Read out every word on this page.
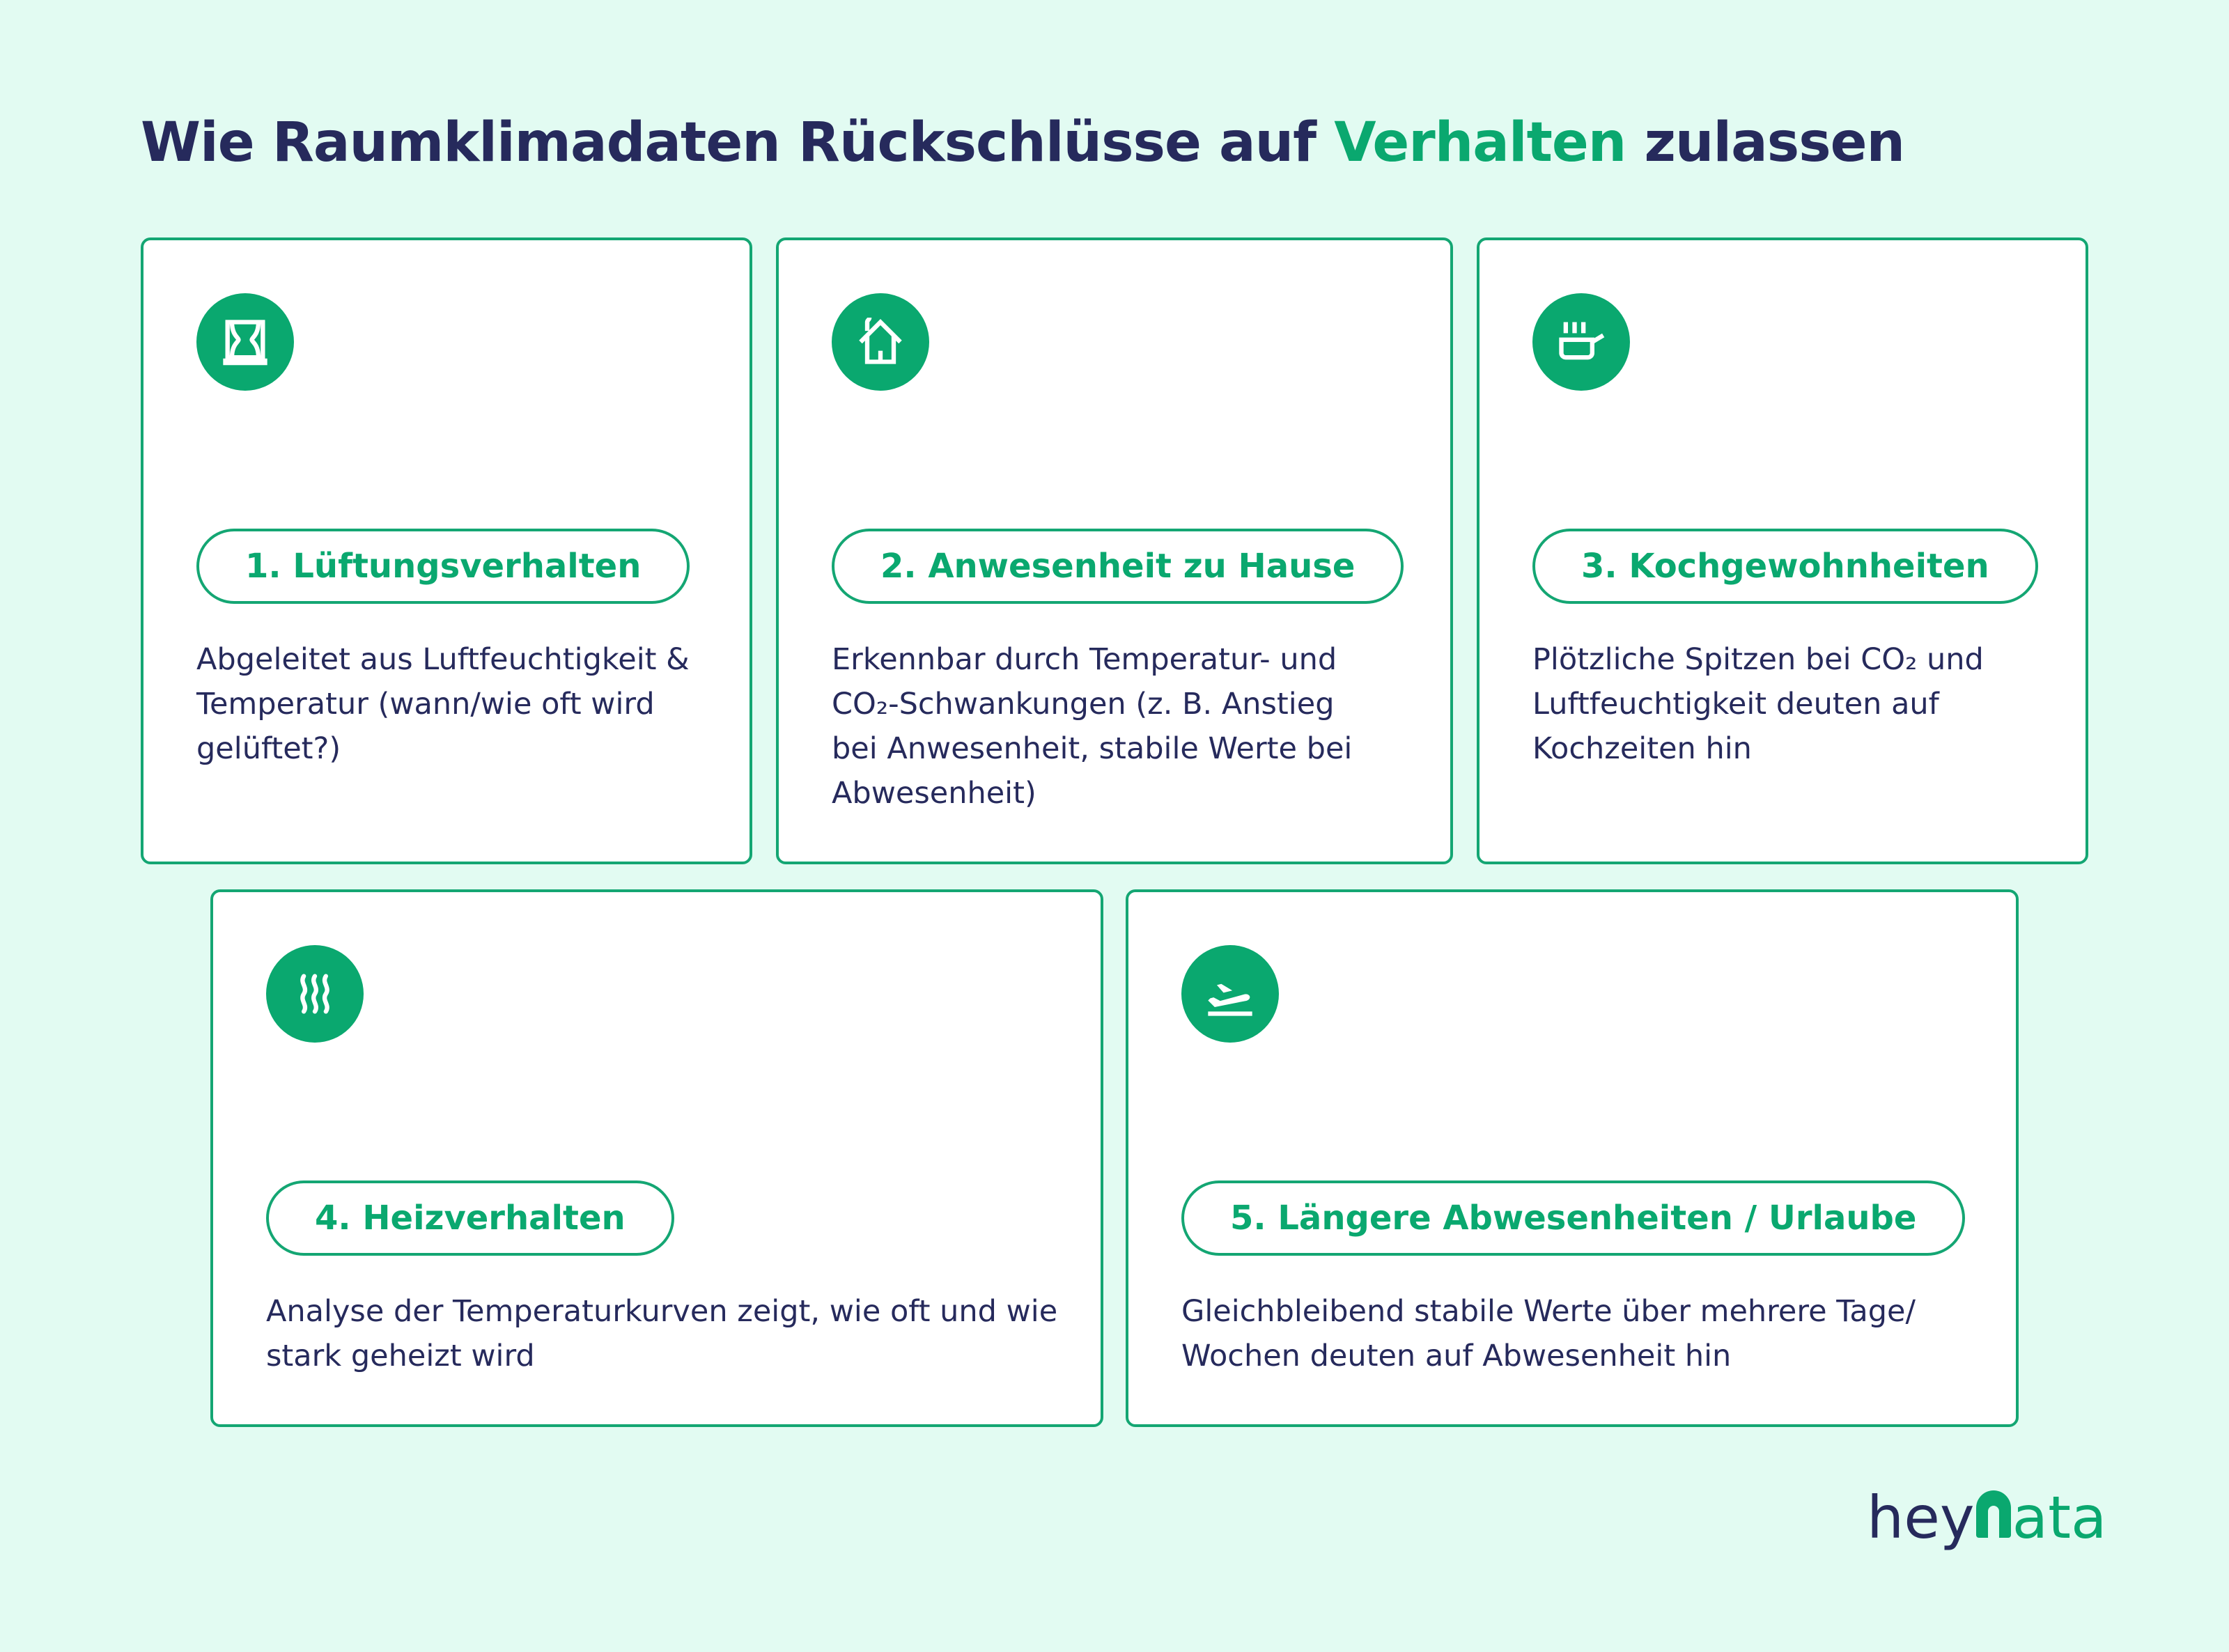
Wie Raumklimadaten Rückschlüsse auf Verhalten zulassen
1. Lüftungsverhalten
Abgeleitet aus Luftfeuchtigkeit & Temperatur (wann/wie oft wird gelüftet?)
2. Anwesenheit zu Hause
Erkennbar durch Temperatur- und CO₂-Schwankungen (z. B. Anstieg bei Anwesenheit, stabile Werte bei Abwesenheit)
3. Kochgewohnheiten
Plötzliche Spitzen bei CO₂ und Luftfeuchtigkeit deuten auf Kochzeiten hin
4. Heizverhalten
Analyse der Temperaturkurven zeigt, wie oft und wie stark geheizt wird
5. Längere Abwesenheiten / Urlaube
Gleichbleibend stabile Werte über mehrere Tage/ Wochen deuten auf Abwesenheit hin
hey ata
